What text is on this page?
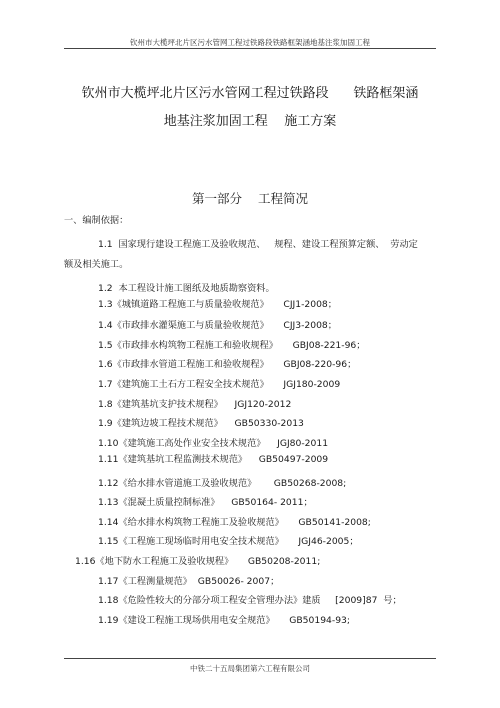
钦州市大榄坪北片区污水管网工程过铁路段铁路框架涵地基注浆加固工程
钦州市大榄坪北片区污水管网工程过铁路段      铁路框架涵
地基注浆加固工程    施工方案
第一部分    工程简况
一、编制依据：
1.1  国家现行建设工程施工及验收规范、   规程、建设工程预算定额、  劳动定
额及相关施工。
1.2  本工程设计施工图纸及地质勘察资料。
1.3《城镇道路工程施工与质量验收规范》     CJJ1-2008；
1.4《市政排水灌渠施工与质量验收规范》     CJJ3-2008；
1.5《市政排水构筑物工程施工和验收规程》     GBJ08-221-96；
1.6《市政排水管道工程施工和验收规程》     GBJ08-220-96；
1.7《建筑施工土石方工程安全技术规范》     JGJ180-2009
1.8《建筑基坑支护技术规程》    JGJ120-2012
1.9《建筑边坡工程技术规范》    GB50330-2013
1.10《建筑施工高处作业安全技术规范》    JGJ80-2011
1.11《建筑基坑工程监测技术规范》    GB50497-2009
1.12《给水排水管道施工及验收规范》      GB50268-2008;
1.13《混凝土质量控制标准》    GB50164- 2011；
1.14《给水排水构筑物工程施工及验收规范》     GB50141-2008;
1.15《工程施工现场临时用电安全技术规范》     JGJ46-2005；
1.16《地下防水工程施工及验收规程》     GB50208-2011;
1.17《工程测量规范》  GB50026- 2007；
1.18《危险性较大的分部分项工程安全管理办法》建质     [2009]87  号；
1.19《建设工程施工现场供用电安全规范》     GB50194-93;
中铁二十五局集团第六工程有限公司
